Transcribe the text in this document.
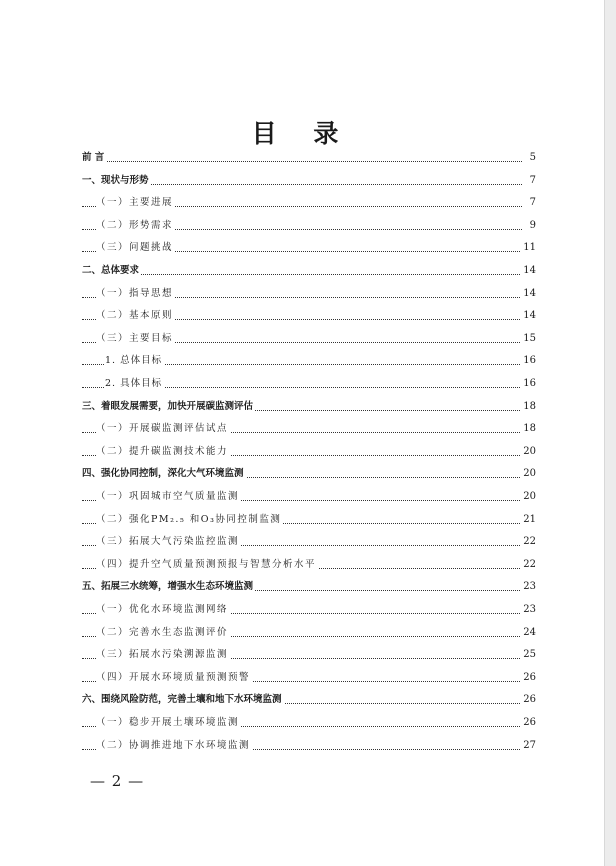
目 录
前 言	5
一、现状与形势	7
（一）主要进展	7
（二）形势需求	9
（三）问题挑战	11
二、总体要求	14
（一）指导思想	14
（二）基本原则	14
（三）主要目标	15
1. 总体目标	16
2. 具体目标	16
三、着眼发展需要，加快开展碳监测评估	18
（一）开展碳监测评估试点	18
（二）提升碳监测技术能力	20
四、强化协同控制，深化大气环境监测	20
（一）巩固城市空气质量监测	20
（二）强化PM₂.₅ 和O₃协同控制监测	21
（三）拓展大气污染监控监测	22
（四）提升空气质量预测预报与智慧分析水平	22
五、拓展三水统筹，增强水生态环境监测	23
（一）优化水环境监测网络	23
（二）完善水生态监测评价	24
（三）拓展水污染溯源监测	25
（四）开展水环境质量预测预警	26
六、围绕风险防范，完善土壤和地下水环境监测	26
（一）稳步开展土壤环境监测	26
（二）协调推进地下水环境监测	27
— 2 —
